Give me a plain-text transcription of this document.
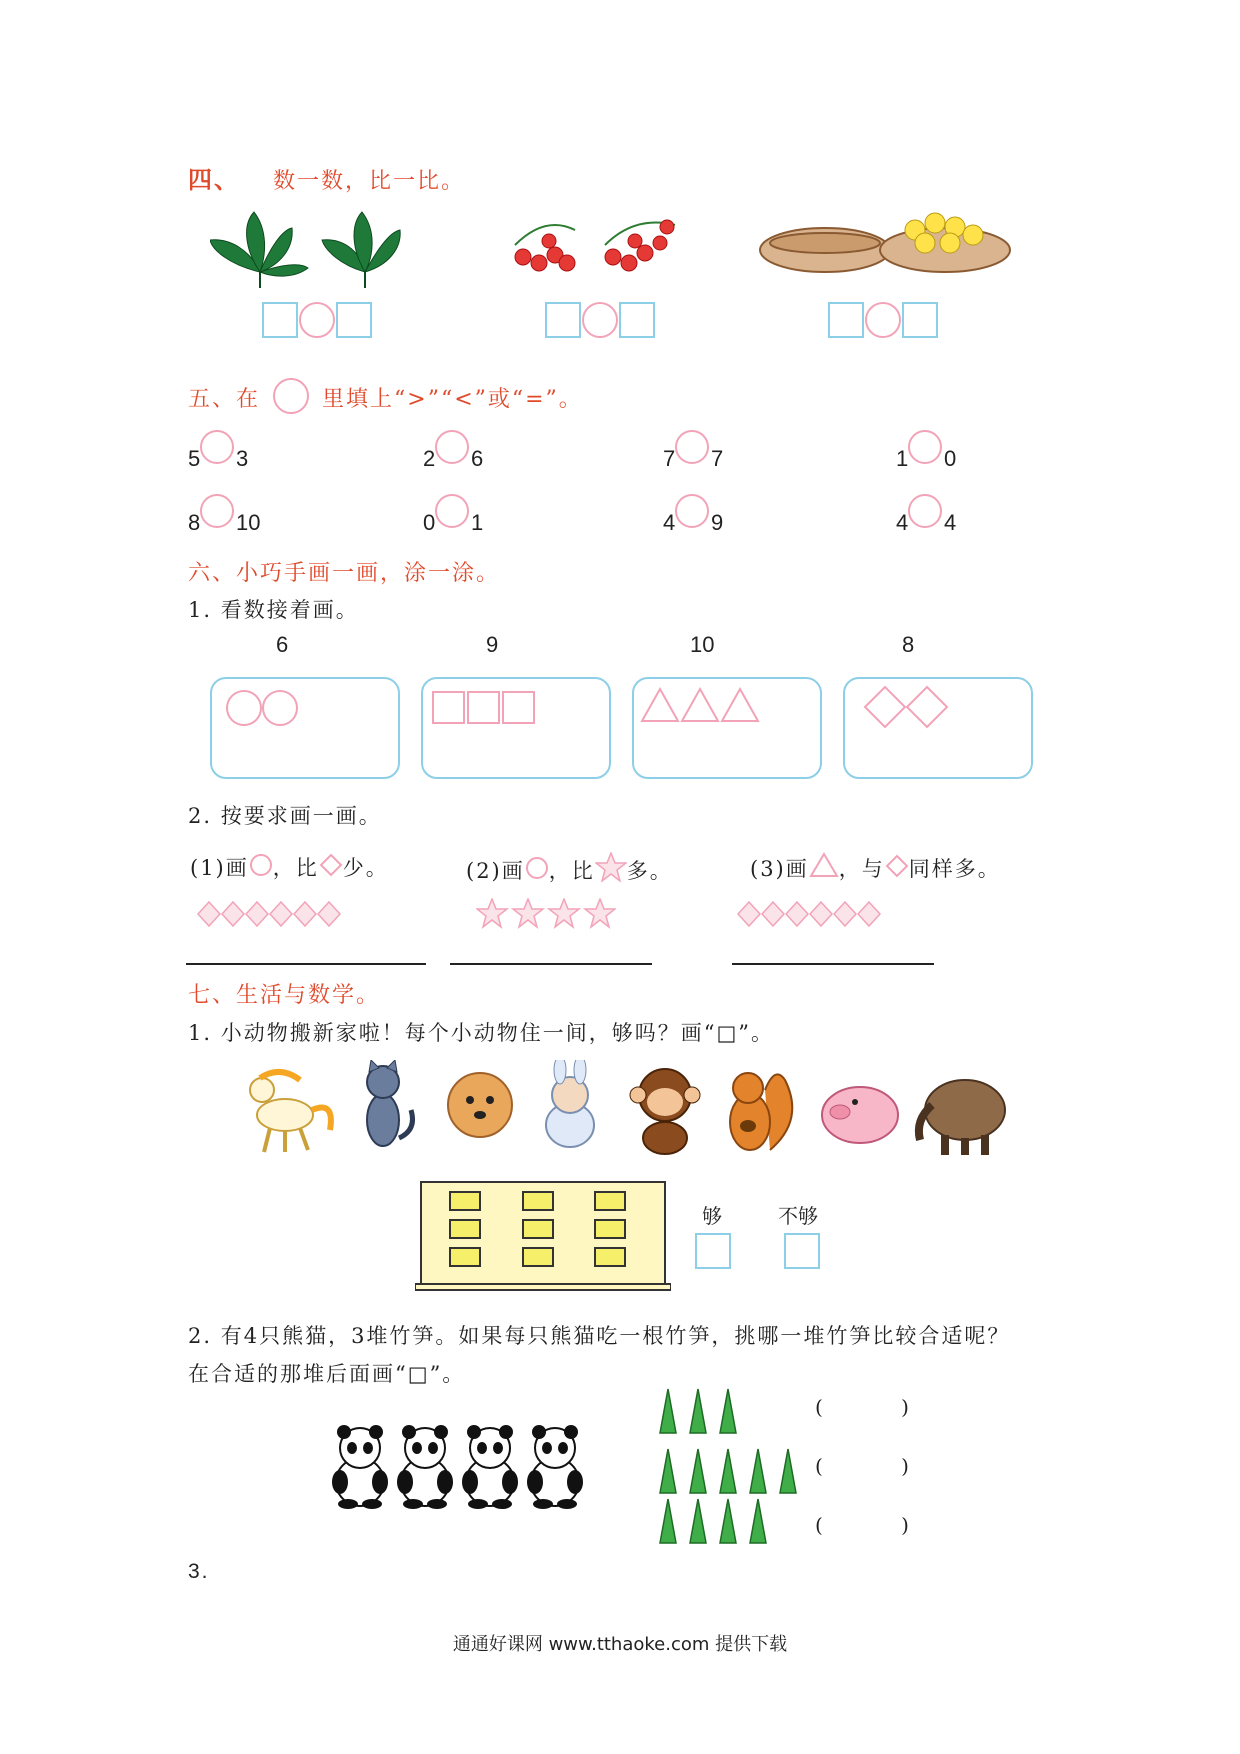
四、 数一数，比一比。
五、在	里填上“>”“<”或“=”。
5 3	2 6	7 7	1 0
8 10	0 1	4 9	4 4
六、小巧手画一画，涂一涂。
1. 看数接着画。
6	9	10	8
2. 按要求画一画。
(1)画 ，比 少。	(2)画 ，比 多。	(3)画 ，与 同样多。
七、生活与数学。
1. 小动物搬新家啦！每个小动物住一间，够吗？画“□”。
够	不够
2. 有4只熊猫，3堆竹笋。如果每只熊猫吃一根竹笋，挑哪一堆竹笋比较合适呢？
在合适的那堆后面画“□”。
( )
( )
( )
3.
通通好课网 www.tthaoke.com 提供下载
